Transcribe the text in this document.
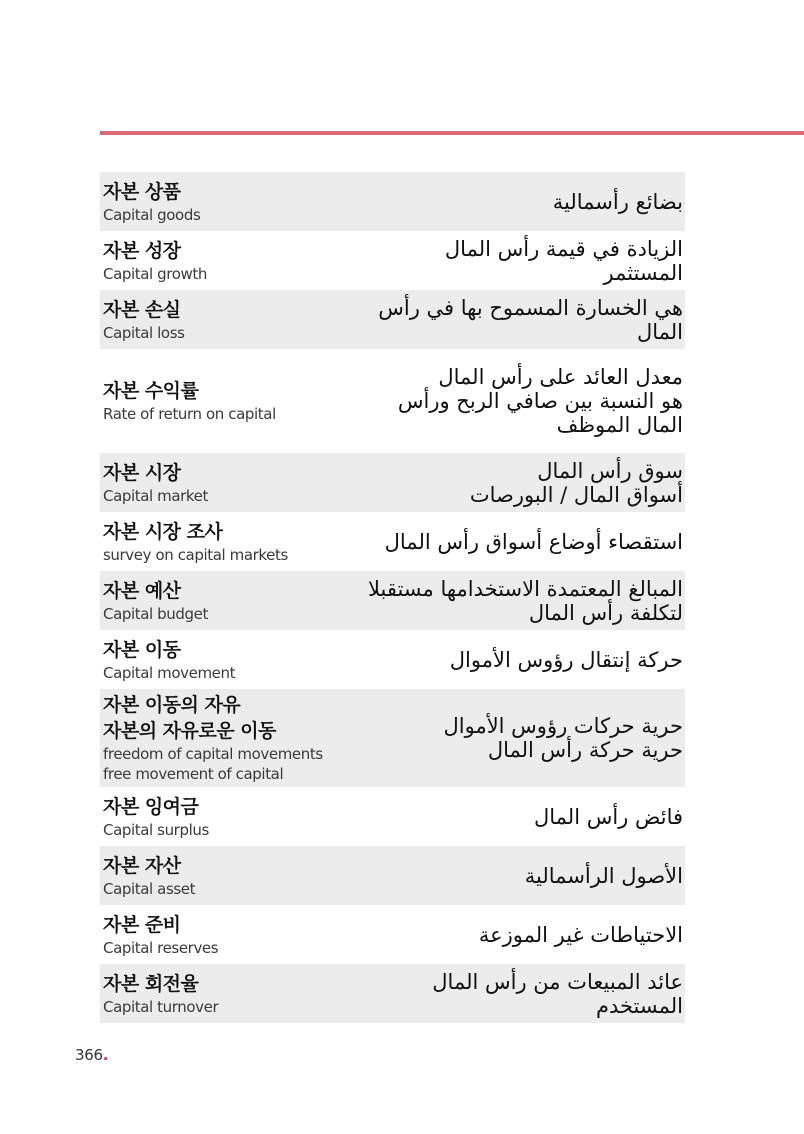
자본 상품
Capital goods
بضائع رأسمالية
자본 성장
Capital growth
الزيادة في قيمة رأس المال المستثمر
자본 손실
Capital loss
هي الخسارة المسموح بها في رأس
المال
자본 수익률
Rate of return on capital
معدل العائد على رأس المال
هو النسبة بين صافي الربح ورأس
المال الموظف
자본 시장
Capital market
سوق رأس المال
أسواق المال / البورصات
자본 시장 조사
survey on capital markets
استقصاء أوضاع أسواق رأس المال
자본 예산
Capital budget
المبالغ المعتمدة الاستخدامها مستقبلا
لتكلفة رأس المال
자본 이동
Capital movement
حركة إنتقال رؤوس الأموال
자본 이동의 자유
자본의 자유로운 이동
freedom of capital movements
free movement of capital
حرية حركات رؤوس الأموال
حرية حركة رأس المال
자본 잉여금
Capital surplus
فائض رأس المال
자본 자산
Capital asset
الأصول الرأسمالية
자본 준비
Capital reserves
الاحتياطات غير الموزعة
자본 회전율
Capital turnover
عائد المبيعات من رأس المال
المستخدم
366.
